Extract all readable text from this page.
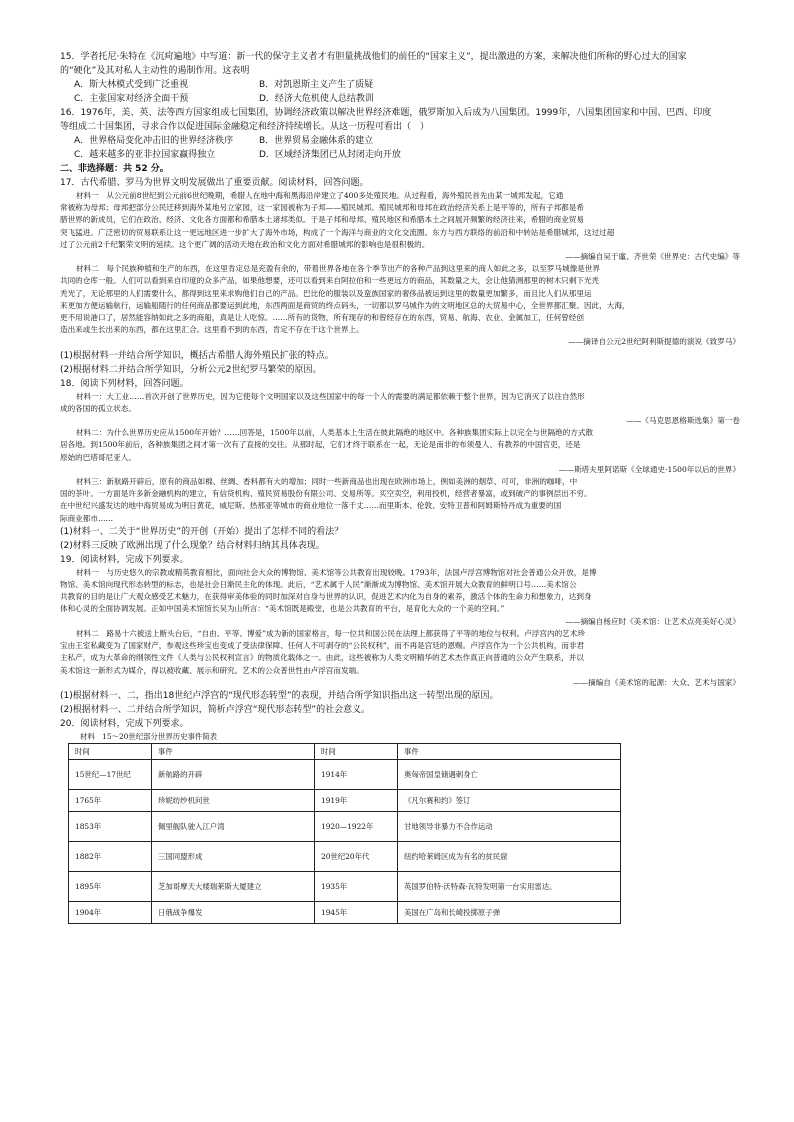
15．学者托尼·朱特在《沉疴遍地》中写道：新一代的保守主义者才有胆量挑战他们的前任的“国家主义”，提出激进的方案，来解决他们所称的野心过大的国家
的“硬化”及其对私人主动性的遏制作用。这表明
A．斯大林模式受到广泛重视	B．对凯恩斯主义产生了质疑
C．主张国家对经济全面干预	D．经济大危机使人总结教训
16．1976年，美、英、法等西方国家组成七国集团，协调经济政策以解决世界经济难题，俄罗斯加入后成为八国集团。1999年，八国集团国家和中国、巴西、印度
等组成二十国集团，寻求合作以促进国际金融稳定和经济持续增长。从这一历程可看出（　）
A．世界格局变化冲击旧的世界经济秩序	B．世界贸易金融体系的建立
C．越来越多的亚非拉国家赢得独立	D．区域经济集团已从封闭走向开放
二、非选择题：共 52 分。
17．古代希腊、罗马为世界文明发展做出了重要贡献。阅读材料，回答问题。

材料一　从公元前8世纪到公元前6世纪晚期，希腊人在地中海和黑海沿岸建立了400多处殖民地。从过程看，海外殖民首先由某一城邦发起，它通

常被称为母邦；母邦把部分公民迁移到海外某地另立家园，这一家园被称为子邦——殖民城邦。殖民城邦和母邦在政治经济关系上是平等的，所有子邦都是希

腊世界的新成员，它们在政治、经济、文化各方面都和希腊本土诸邦类似。于是子邦和母邦、殖民地区和希腊本土之间展开频繁的经济往来，希腊的商业贸易

突飞猛进。广泛密切的贸易联系让这一更远地区进一步扩大了海外市场，构成了一个海洋与商业的文化交流圈。东方与西方联络的前沿和中转站是希腊城邦，这过过超

过了公元前2千纪繁荣文明的延续。这个更广阔的活动天地在政治和文化方面对希腊城邦的影响也是很积极的。

——摘编自吴于廑、齐世荣《世界史：古代史编》等

材料二　每个民族种植和生产的东西，在这里肯定总是充盈有余的，带着世界各地在各个季节出产的各种产品到这里来的商人如此之多，以至罗马城像是世界

共同的仓库一般。人们可以看到来自印度的众多产品，如果他想要，还可以看到来自阿拉伯和一些更远方的商品，其数量之大，会让他猜测那里的树木只剩下光秃

秃光了，无论那里的人们需要什么，都得到这里来求购他们自己的产品。巴比伦的服装以及蛮族国家的奢侈品被运到这里的数量更加繁多，而且比人们从那里运

来更加方便运输航行，运输船随行的任何商品都要运到此地，东西两面是商贸的终点码头，一切都以罗马城作为的文明地区总的大贸易中心，全世界都汇聚。因此，大海，

更不用说港口了，居然能容纳如此之多的商船，真是让人吃惊。……所有的货物，所有现存的和曾经存在的东西，贸易、航海、农业、金属加工，任何曾经创

造出来或生长出来的东西，都在这里汇合。这里看不到的东西，肯定不存在于这个世界上。

——摘译自公元2世纪阿利斯提德的演说《致罗马》

(1)根据材料一并结合所学知识，概括古希腊人海外殖民扩张的特点。
(2)根据材料二并结合所学知识，分析公元2世纪罗马繁荣的原因。
18．阅读下列材料，回答问题。

材料一：大工业……首次开创了世界历史，因为它使每个文明国家以及这些国家中的每一个人的需要的满足都依赖于整个世界，因为它消灭了以往自然形

成的各国的孤立状态。

——《马克思恩格斯选集》第一卷

材料二：为什么世界历史应从1500年开始？……回答是，1500年以前，人类基本上生活在彼此隔绝的地区中。各种族集团实际上以完全与世隔绝的方式散

居各地。到1500年前后，各种族集团之间才第一次有了直接的交往。从那时起，它们才终于联系在一起，无论是南非的布须曼人、有教养的中国官吏，还是

原始的巴塔哥尼亚人。

——斯塔夫里阿诺斯《全球通史·1500年以后的世界》

材料三：新航路开辟后，原有的商品如棉、丝绸、香料都有大的增加；同时一些新商品也出现在欧洲市场上，例如美洲的烟草、可可，非洲的咖啡，中

国的茶叶。一方面是许多新金融机构的建立，有信贷机构、殖民贸易股份有限公司、交易所等。买空卖空，利用投机，经营者暴富，或到破产的事例层出不穷。

在中世纪兴盛发达的地中海贸易成为明日黄花，威尼斯、热那亚等城市的商业地位一落千丈……而里斯本、伦敦、安特卫普和阿姆斯特丹成为重要的国

际商业都市……

(1)材料一、二关于“世界历史”的开创（开始）提出了怎样不同的看法？
(2)材料三反映了欧洲出现了什么现象？结合材料归纳其具体表现。
19．阅读材料，完成下列要求。

材料一　与历史悠久的宗教或精英教育相比，面向社会大众的博物馆、美术馆等公共教育出现较晚。1793年，法国卢浮宫博物馆对社会普通公众开放，是博

物馆、美术馆向现代形态转型的标志，也是社会日渐民主化的体现。此后，“艺术属于人民”渐渐成为博物馆、美术馆开展大众教育的鲜明口号……美术馆公

共教育的目的是让广大观众感受艺术魅力，在获得审美体验的同时加深对自身与世界的认识，促进艺术内化为自身的素养，激活个体的生命力和想象力，达到身

体和心灵的全面协调发展。正如中国美术馆馆长吴为山所言：“美术馆既是殿堂，也是公共教育的平台，是育化大众的一个美的空间。”

——摘编自杨应时《美术馆：让艺术点亮美好心灵》

材料二　路易十六被送上断头台后，“自由、平等、博爱”成为新的国家格言，每一位共和国公民在法理上都获得了平等的地位与权利。卢浮宫内的艺术珍

宝由王室私藏变为了国家财产，参观这些珍宝也变成了受法律保障、任何人不可剥夺的“公民权利”，而不再是宫廷的恩赐。卢浮宫作为一个公共机构，而非君

主私产，成为大革命的纲领性文件《人类与公民权利宣言》的物质化载体之一。由此，这些被称为人类文明精华的艺术杰作真正向普通的公众产生联系，并以

美术馆这一新形式为媒介，得以被收藏、展示和研究。艺术的公众普世性由卢浮宫而发端。

——摘编自《美术馆的起源：大众、艺术与国家》

(1)根据材料一、二，指出18世纪卢浮宫的“现代形态转型”的表现，并结合所学知识指出这一转型出现的原因。
(2)根据材料一、二并结合所学知识，简析卢浮宫“现代形态转型”的社会意义。
20．阅读材料，完成下列要求。
材料　15～20世纪部分世界历史事件简表
时间	事件	时间	事件
15世纪—17世纪	新航路的开辟	1914年	奥匈帝国皇储遇刺身亡
1765年	珍妮纺纱机问世	1919年	《凡尔赛和约》签订
1853年	佩里舰队驶入江户湾	1920—1922年	甘地领导非暴力不合作运动
1882年	三国同盟形成	20世纪20年代	纽约哈莱姆区成为有名的贫民窟
1895年	芝加哥摩天大楼瑞莱斯大厦建立	1935年	英国罗伯特·沃特森·瓦特发明第一台实用雷达。
1904年	日俄战争爆发	1945年	美国在广岛和长崎投掷原子弹
